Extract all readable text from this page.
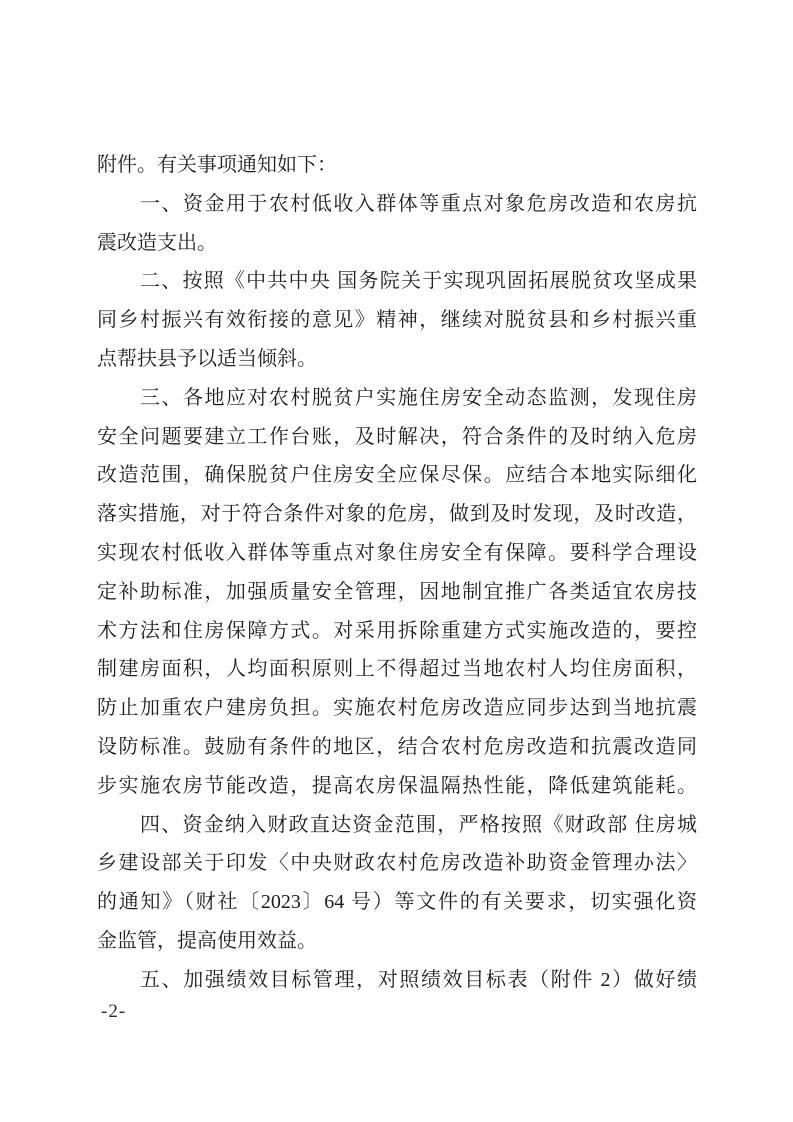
附件。有关事项通知如下：
一、资金用于农村低收入群体等重点对象危房改造和农房抗
震改造支出。
二、按照《中共中央 国务院关于实现巩固拓展脱贫攻坚成果
同乡村振兴有效衔接的意见》精神，继续对脱贫县和乡村振兴重
点帮扶县予以适当倾斜。
三、各地应对农村脱贫户实施住房安全动态监测，发现住房
安全问题要建立工作台账，及时解决，符合条件的及时纳入危房
改造范围，确保脱贫户住房安全应保尽保。应结合本地实际细化
落实措施，对于符合条件对象的危房，做到及时发现，及时改造，
实现农村低收入群体等重点对象住房安全有保障。要科学合理设
定补助标准，加强质量安全管理，因地制宜推广各类适宜农房技
术方法和住房保障方式。对采用拆除重建方式实施改造的，要控
制建房面积，人均面积原则上不得超过当地农村人均住房面积，
防止加重农户建房负担。实施农村危房改造应同步达到当地抗震
设防标准。鼓励有条件的地区，结合农村危房改造和抗震改造同
步实施农房节能改造，提高农房保温隔热性能，降低建筑能耗。
四、资金纳入财政直达资金范围，严格按照《财政部 住房城
乡建设部关于印发〈中央财政农村危房改造补助资金管理办法〉
的通知》（财社〔2023〕64 号）等文件的有关要求，切实强化资
金监管，提高使用效益。
五、加强绩效目标管理，对照绩效目标表（附件 2）做好绩
-2-
